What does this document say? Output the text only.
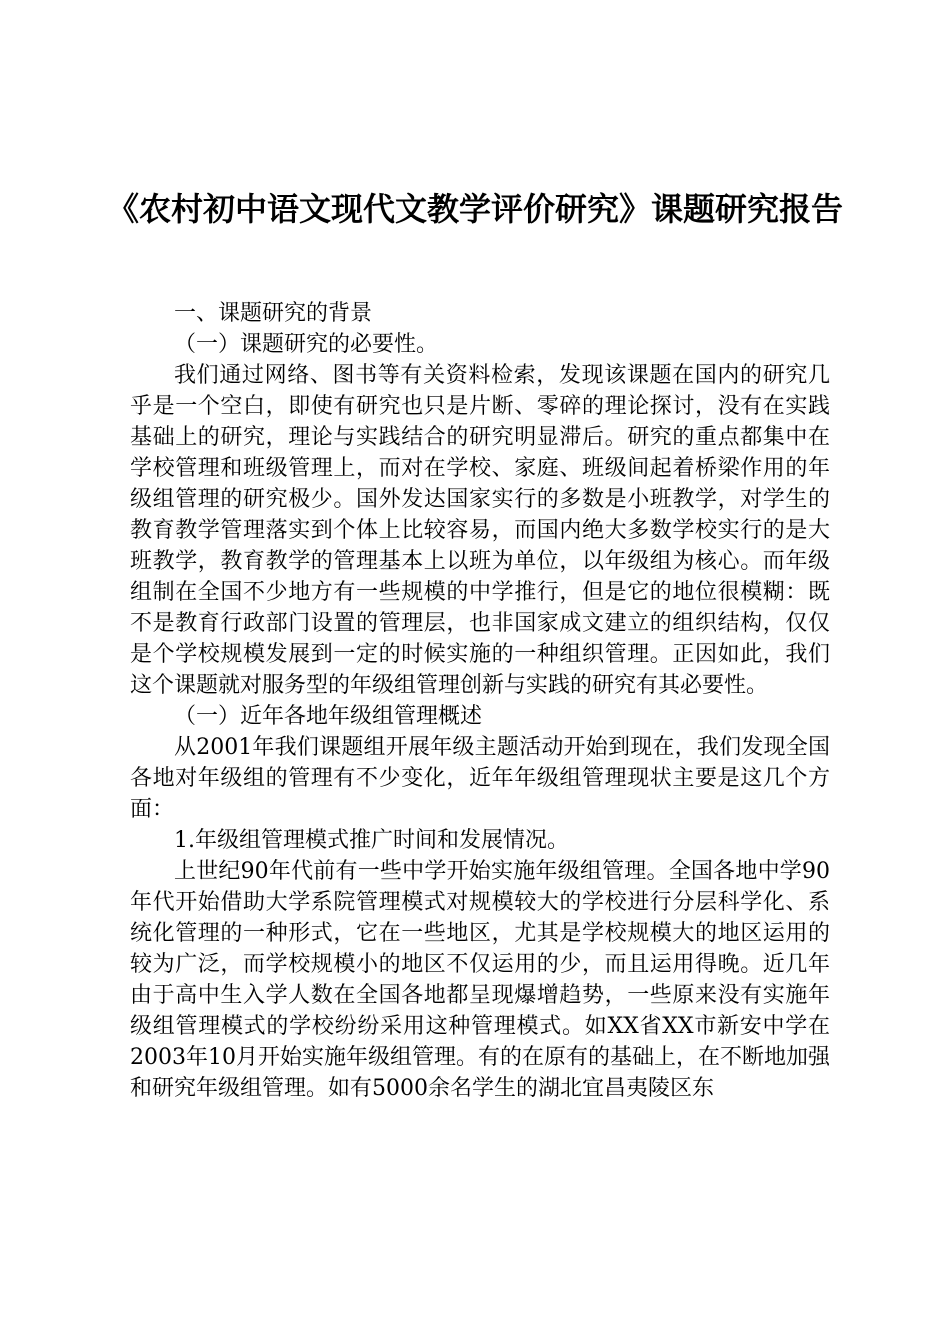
《农村初中语文现代文教学评价研究》课题研究报告

一、课题研究的背景

（一）课题研究的必要性。

我们通过网络、图书等有关资料检索，发现该课题在国内的研究几乎是一个空白，即使有研究也只是片断、零碎的理论探讨，没有在实践基础上的研究，理论与实践结合的研究明显滞后。研究的重点都集中在学校管理和班级管理上，而对在学校、家庭、班级间起着桥梁作用的年级组管理的研究极少。国外发达国家实行的多数是小班教学，对学生的教育教学管理落实到个体上比较容易，而国内绝大多数学校实行的是大班教学，教育教学的管理基本上以班为单位，以年级组为核心。而年级组制在全国不少地方有一些规模的中学推行，但是它的地位很模糊：既不是教育行政部门设置的管理层，也非国家成文建立的组织结构，仅仅是个学校规模发展到一定的时候实施的一种组织管理。正因如此，我们这个课题就对服务型的年级组管理创新与实践的研究有其必要性。

（一）近年各地年级组管理概述

从2001年我们课题组开展年级主题活动开始到现在，我们发现全国各地对年级组的管理有不少变化，近年年级组管理现状主要是这几个方面：

1.年级组管理模式推广时间和发展情况。

上世纪90年代前有一些中学开始实施年级组管理。全国各地中学90年代开始借助大学系院管理模式对规模较大的学校进行分层科学化、系统化管理的一种形式，它在一些地区，尤其是学校规模大的地区运用的较为广泛，而学校规模小的地区不仅运用的少，而且运用得晚。近几年由于高中生入学人数在全国各地都呈现爆增趋势，一些原来没有实施年级组管理模式的学校纷纷采用这种管理模式。如XX省XX市新安中学在2003年10月开始实施年级组管理。有的在原有的基础上，在不断地加强和研究年级组管理。如有5000余名学生的湖北宜昌夷陵区东
